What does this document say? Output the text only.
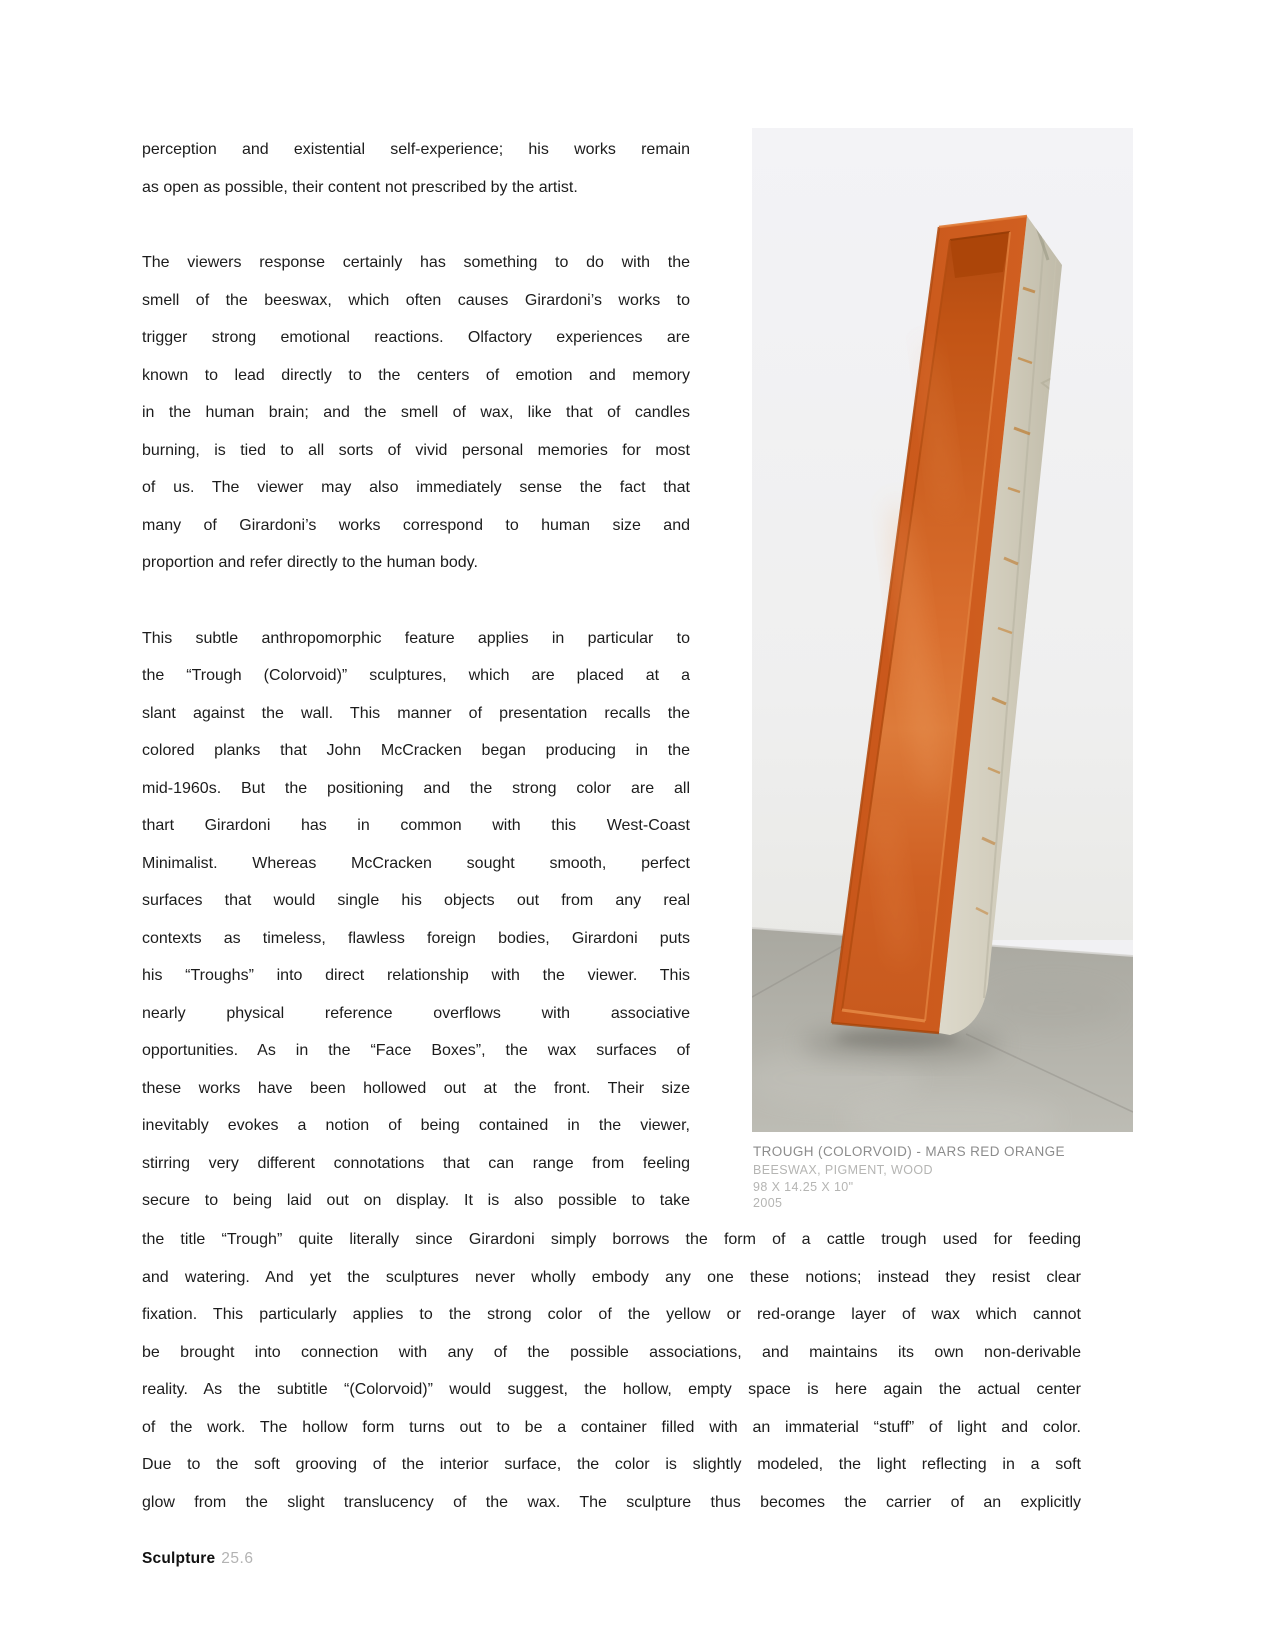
perception and existential self-experience; his works remain
as open as possible, their content not prescribed by the artist.
The viewers response certainly has something to do with the
smell of the beeswax, which often causes Girardoni’s works to
trigger strong emotional reactions. Olfactory experiences are
known to lead directly to the centers of emotion and memory
in the human brain; and the smell of wax, like that of candles
burning, is tied to all sorts of vivid personal memories for most
of us. The viewer may also immediately sense the fact that
many of Girardoni’s works correspond to human size and
proportion and refer directly to the human body.
This subtle anthropomorphic feature applies in particular to
the “Trough (Colorvoid)” sculptures, which are placed at a
slant against the wall. This manner of presentation recalls the
colored planks that John McCracken began producing in the
mid-1960s. But the positioning and the strong color are all
thart Girardoni has in common with this West-Coast
Minimalist. Whereas McCracken sought smooth, perfect
surfaces that would single his objects out from any real
contexts as timeless, flawless foreign bodies, Girardoni puts
his “Troughs” into direct relationship with the viewer. This
nearly physical reference overflows with associative
opportunities. As in the “Face Boxes”, the wax surfaces of
these works have been hollowed out at the front. Their size
inevitably evokes a notion of being contained in the viewer,
stirring very different connotations that can range from feeling
secure to being laid out on display. It is also possible to take
TROUGH (COLORVOID) - MARS RED ORANGE
BEESWAX, PIGMENT, WOOD
98 X 14.25 X 10"
2005
the title “Trough” quite literally since Girardoni simply borrows the form of a cattle trough used for feeding
and watering. And yet the sculptures never wholly embody any one these notions; instead they resist clear
fixation. This particularly applies to the strong color of the yellow or red-orange layer of wax which cannot
be brought into connection with any of the possible associations, and maintains its own non-derivable
reality. As the subtitle “(Colorvoid)” would suggest, the hollow, empty space is here again the actual center
of the work. The hollow form turns out to be a container filled with an immaterial “stuff” of light and color.
Due to the soft grooving of the interior surface, the color is slightly modeled, the light reflecting in a soft
glow from the slight translucency of the wax. The sculpture thus becomes the carrier of an explicitly
Sculpture 25.6
